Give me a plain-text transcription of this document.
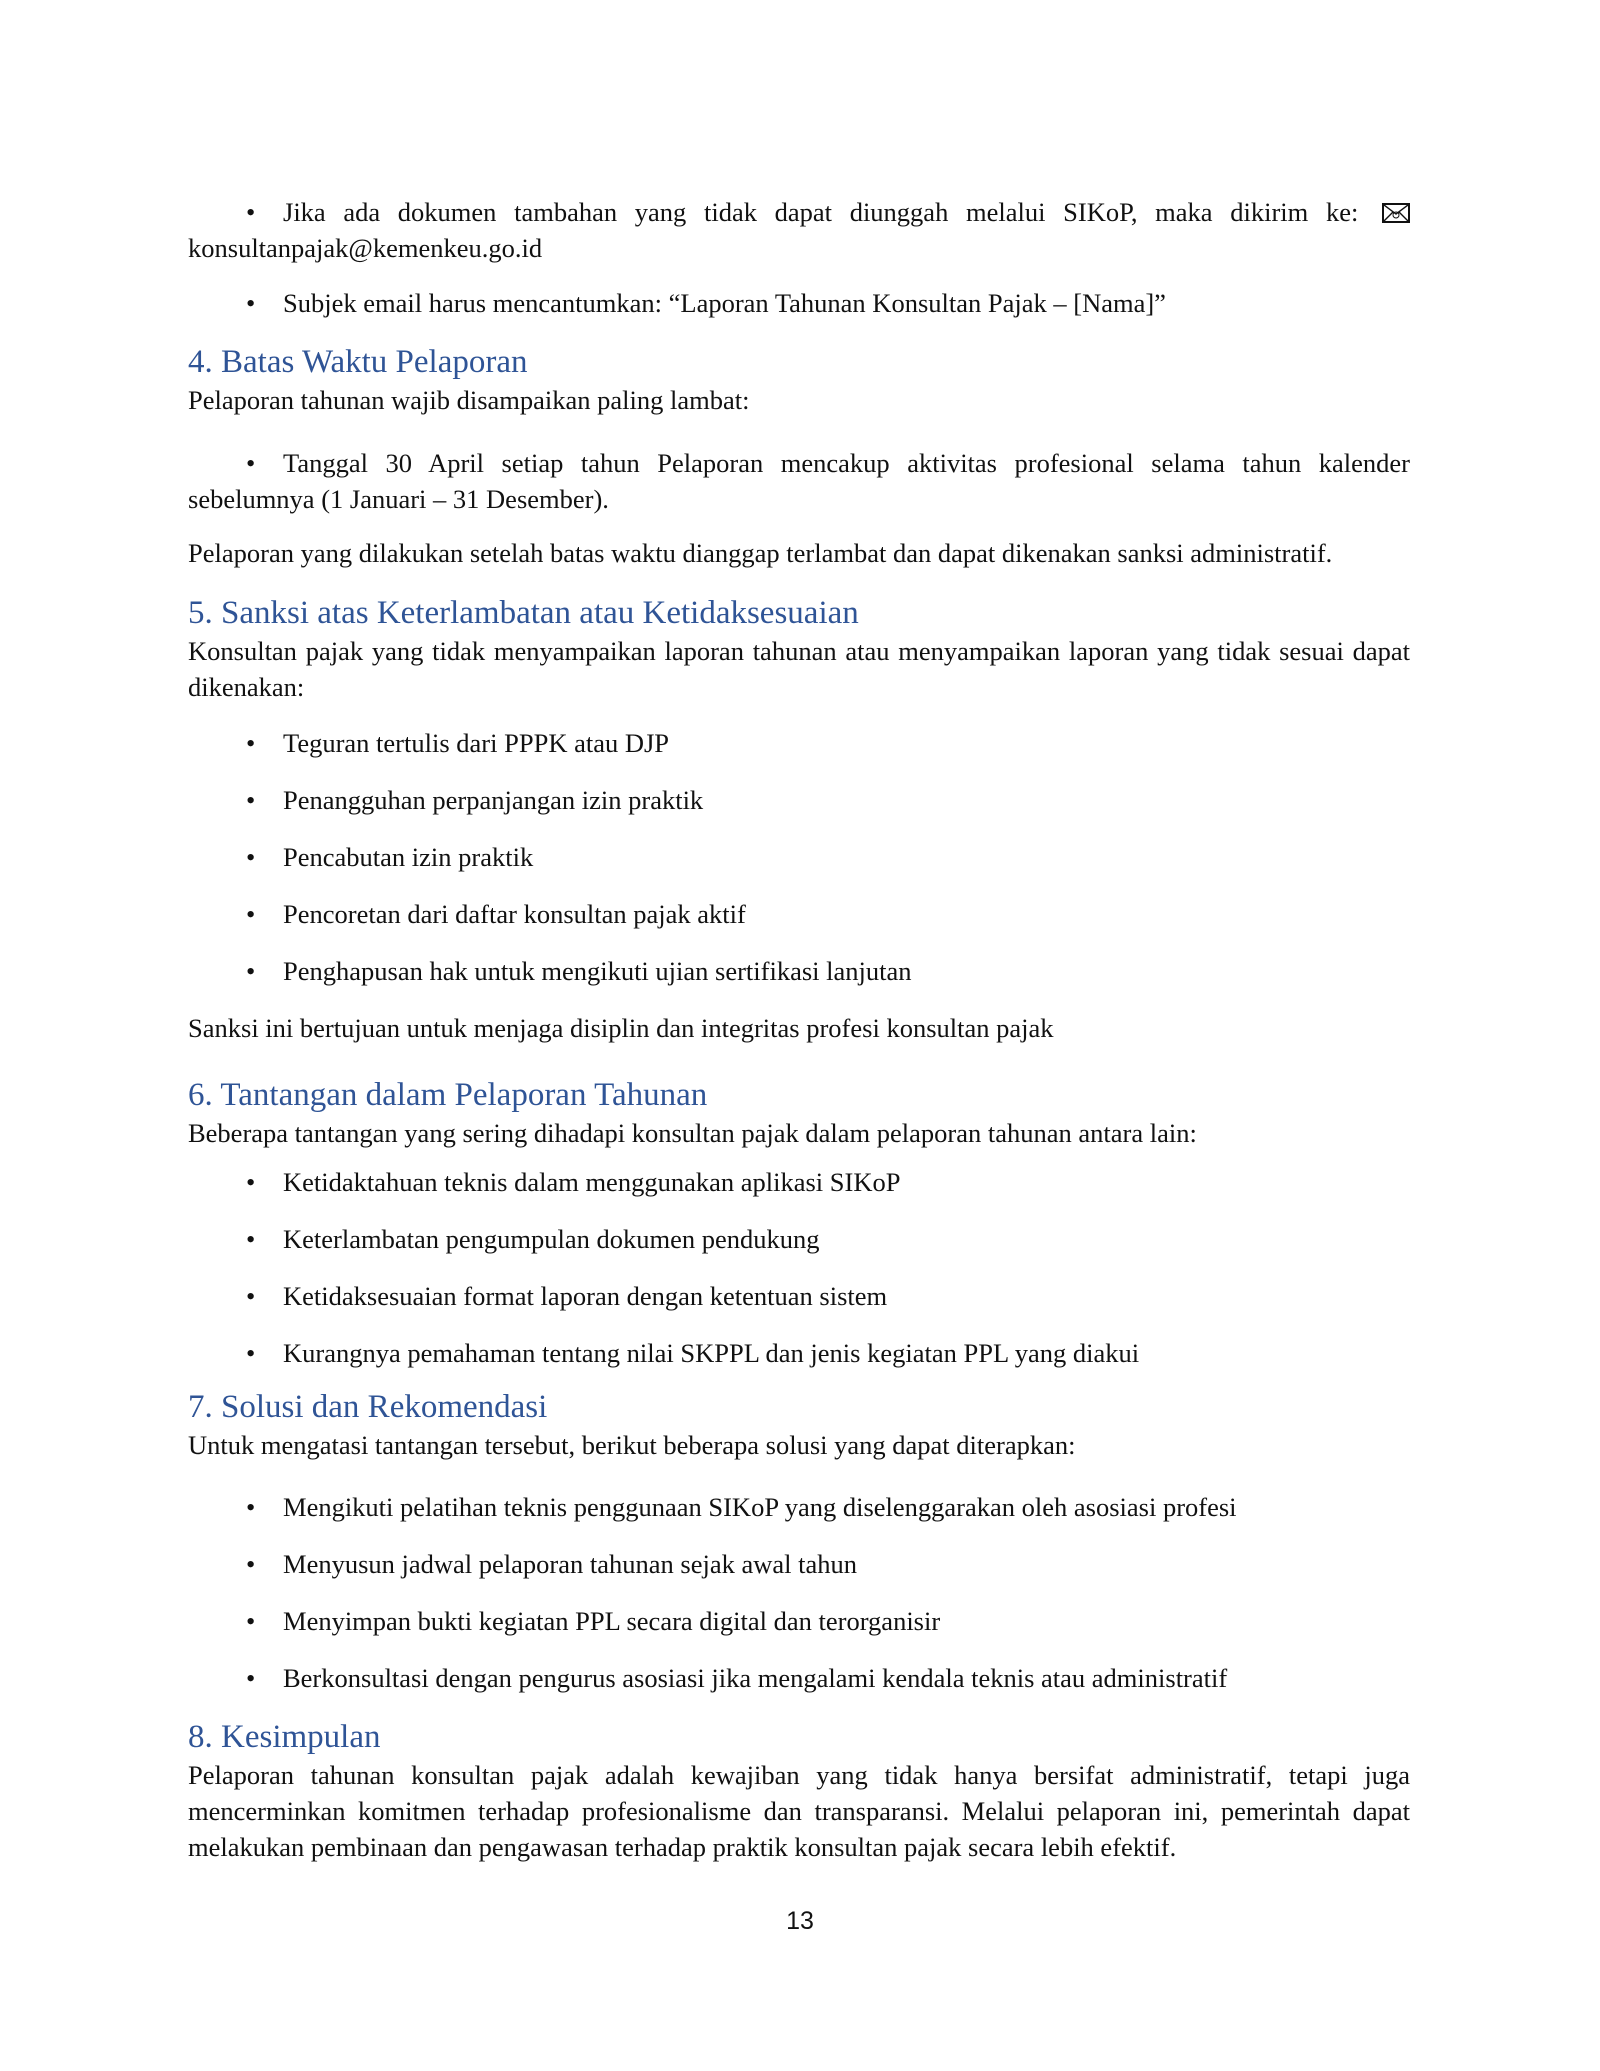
• Jika ada dokumen tambahan yang tidak dapat diunggah melalui SIKoP, maka dikirim ke:
konsultanpajak@kemenkeu.go.id

• Subjek email harus mencantumkan: “Laporan Tahunan Konsultan Pajak – [Nama]”

4. Batas Waktu Pelaporan

Pelaporan tahunan wajib disampaikan paling lambat:

• Tanggal 30 April setiap tahun Pelaporan mencakup aktivitas profesional selama tahun kalender sebelumnya (1 Januari – 31 Desember).

Pelaporan yang dilakukan setelah batas waktu dianggap terlambat dan dapat dikenakan sanksi administratif.

5. Sanksi atas Keterlambatan atau Ketidaksesuaian

Konsultan pajak yang tidak menyampaikan laporan tahunan atau menyampaikan laporan yang tidak sesuai dapat dikenakan:

• Teguran tertulis dari PPPK atau DJP

• Penangguhan perpanjangan izin praktik

• Pencabutan izin praktik

• Pencoretan dari daftar konsultan pajak aktif

• Penghapusan hak untuk mengikuti ujian sertifikasi lanjutan

Sanksi ini bertujuan untuk menjaga disiplin dan integritas profesi konsultan pajak

6. Tantangan dalam Pelaporan Tahunan

Beberapa tantangan yang sering dihadapi konsultan pajak dalam pelaporan tahunan antara lain:

• Ketidaktahuan teknis dalam menggunakan aplikasi SIKoP

• Keterlambatan pengumpulan dokumen pendukung

• Ketidaksesuaian format laporan dengan ketentuan sistem

• Kurangnya pemahaman tentang nilai SKPPL dan jenis kegiatan PPL yang diakui

7. Solusi dan Rekomendasi

Untuk mengatasi tantangan tersebut, berikut beberapa solusi yang dapat diterapkan:

• Mengikuti pelatihan teknis penggunaan SIKoP yang diselenggarakan oleh asosiasi profesi

• Menyusun jadwal pelaporan tahunan sejak awal tahun

• Menyimpan bukti kegiatan PPL secara digital dan terorganisir

• Berkonsultasi dengan pengurus asosiasi jika mengalami kendala teknis atau administratif

8. Kesimpulan

Pelaporan tahunan konsultan pajak adalah kewajiban yang tidak hanya bersifat administratif, tetapi juga mencerminkan komitmen terhadap profesionalisme dan transparansi. Melalui pelaporan ini, pemerintah dapat melakukan pembinaan dan pengawasan terhadap praktik konsultan pajak secara lebih efektif.

13
